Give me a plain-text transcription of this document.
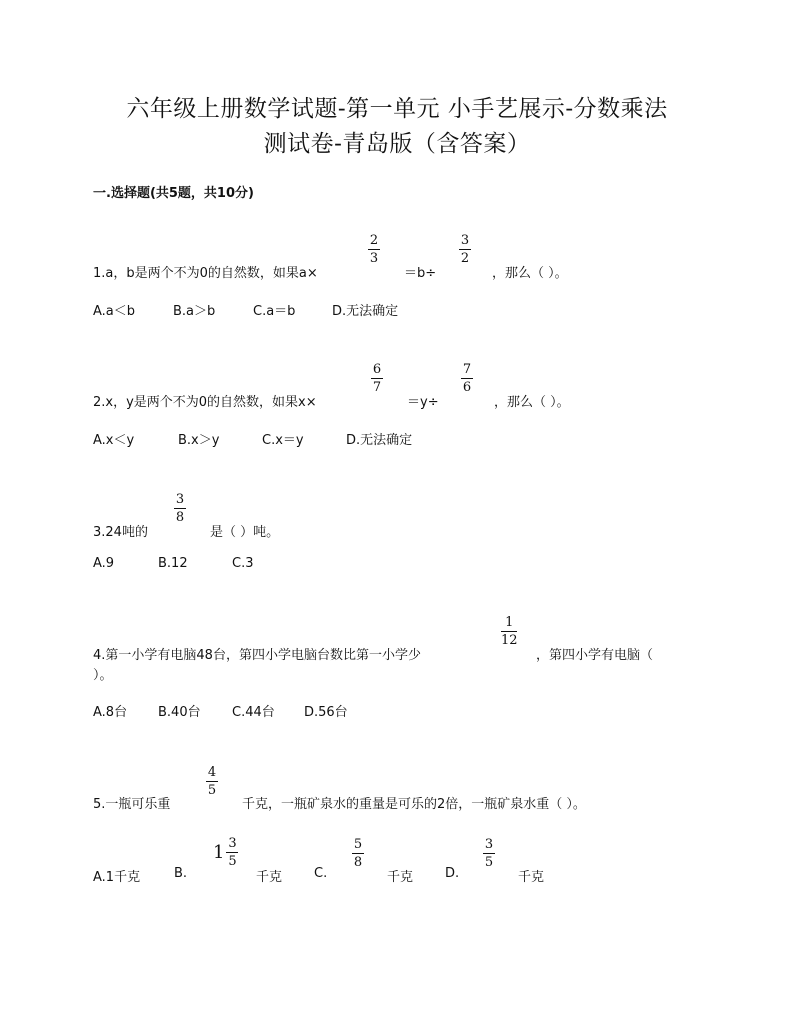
六年级上册数学试题-第一单元 小手艺展示-分数乘法
测试卷-青岛版（含答案）
一.选择题(共5题，共10分)
1.a，b是两个不为0的自然数，如果a×
2
3
＝b÷
3
2
，那么（ ）。
A.a＜b	B.a＞b	C.a＝b	D.无法确定
2.x，y是两个不为0的自然数，如果x×
6
7
＝y÷
7
6
，那么（ ）。
A.x＜y	B.x＞y	C.x＝y	D.无法确定
3.24吨的
3
8
是（ ）吨。
A.9	B.12	C.3
4.第一小学有电脑48台，第四小学电脑台数比第一小学少
1
12
，第四小学有电脑（
）。
A.8台 B.40台 C.44台 D.56台
5.一瓶可乐重
4
5
千克，一瓶矿泉水的重量是可乐的2倍，一瓶矿泉水重（ ）。
A.1千克	B.
$1 \frac{3}{5}$
千克 C.
5
8
千克 D.
3
5
千克
